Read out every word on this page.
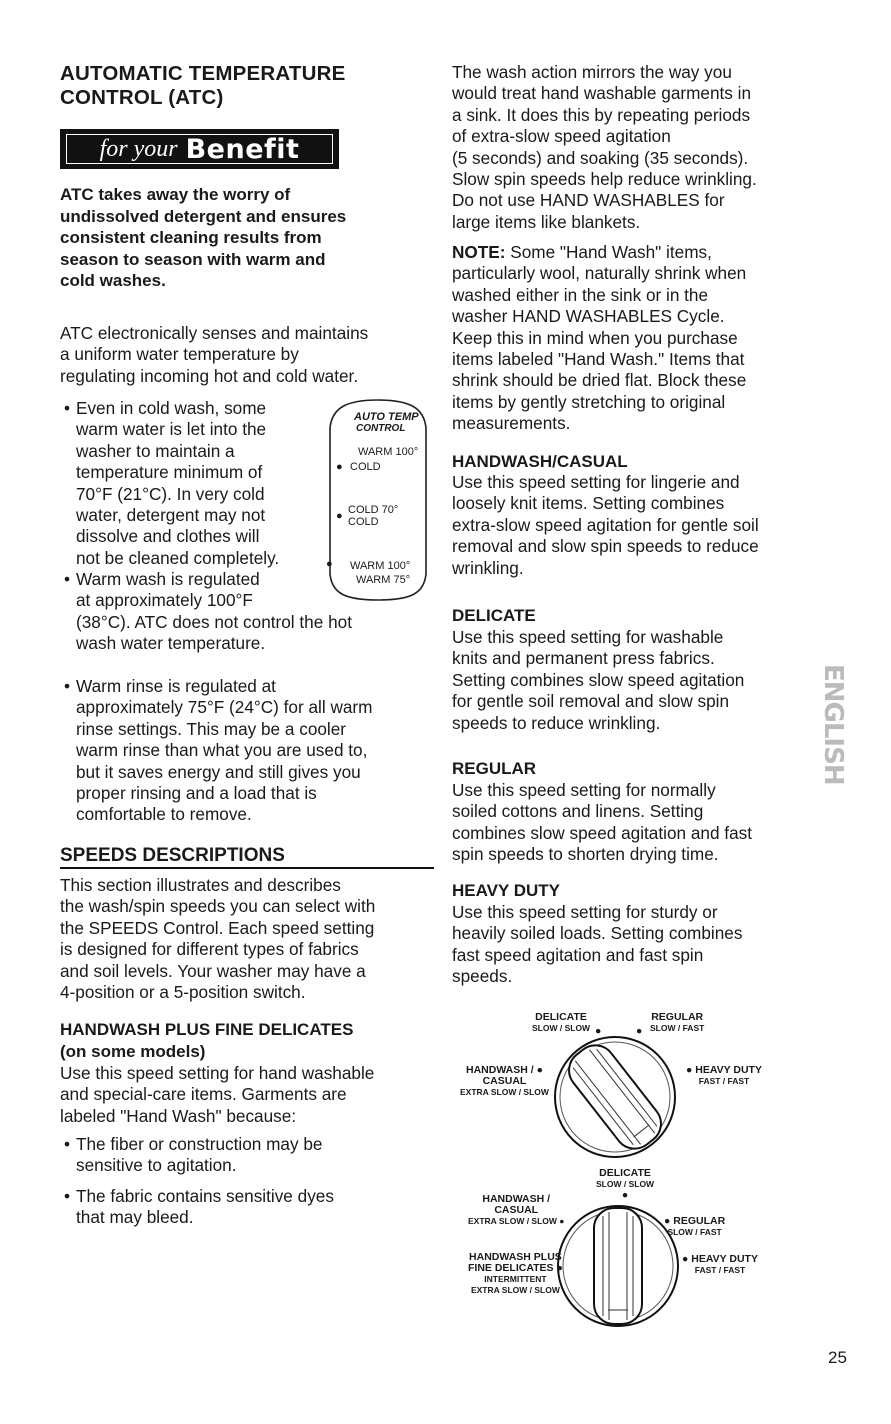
AUTOMATIC TEMPERATURE
CONTROL (ATC)
for your Benefit
ATC takes away the worry of
undissolved detergent and ensures
consistent cleaning results from
season to season with warm and
cold washes.
ATC electronically senses and maintains
a uniform water temperature by
regulating incoming hot and cold water.
• Even in cold wash, some
warm water is let into the
washer to maintain a
temperature minimum of
70°F (21°C). In very cold
water, detergent may not
dissolve and clothes will
not be cleaned completely.
• Warm wash is regulated
at approximately 100°F
(38°C). ATC does not control the hot
wash water temperature.
• Warm rinse is regulated at
approximately 75°F (24°C) for all warm
rinse settings. This may be a cooler
warm rinse than what you are used to,
but it saves energy and still gives you
proper rinsing and a load that is
comfortable to remove.
AUTO TEMP
CONTROL
WARM 100°
● COLD
● COLD 70°
COLD
● WARM 100°
WARM 75°
SPEEDS DESCRIPTIONS
This section illustrates and describes
the wash/spin speeds you can select with
the SPEEDS Control. Each speed setting
is designed for different types of fabrics
and soil levels. Your washer may have a
4-position or a 5-position switch.
HANDWASH PLUS FINE DELICATES
(on some models)
Use this speed setting for hand washable
and special-care items. Garments are
labeled "Hand Wash" because:
• The fiber or construction may be
sensitive to agitation.
• The fabric contains sensitive dyes
that may bleed.
The wash action mirrors the way you
would treat hand washable garments in
a sink. It does this by repeating periods
of extra-slow speed agitation
(5 seconds) and soaking (35 seconds).
Slow spin speeds help reduce wrinkling.
Do not use HAND WASHABLES for
large items like blankets.
NOTE: Some "Hand Wash" items,
particularly wool, naturally shrink when
washed either in the sink or in the
washer HAND WASHABLES Cycle.
Keep this in mind when you purchase
items labeled "Hand Wash." Items that
shrink should be dried flat. Block these
items by gently stretching to original
measurements.
HANDWASH/CASUAL
Use this speed setting for lingerie and
loosely knit items. Setting combines
extra-slow speed agitation for gentle soil
removal and slow spin speeds to reduce
wrinkling.
DELICATE
Use this speed setting for washable
knits and permanent press fabrics.
Setting combines slow speed agitation
for gentle soil removal and slow spin
speeds to reduce wrinkling.
REGULAR
Use this speed setting for normally
soiled cottons and linens. Setting
combines slow speed agitation and fast
spin speeds to shorten drying time.
HEAVY DUTY
Use this speed setting for sturdy or
heavily soiled loads. Setting combines
fast speed agitation and fast spin
speeds.
DELICATE
SLOW / SLOW ●
REGULAR
SLOW / FAST
●
HANDWASH / ●
CASUAL
EXTRA SLOW / SLOW
● HEAVY DUTY
FAST / FAST
DELICATE
SLOW / SLOW
●
HANDWASH /
CASUAL
EXTRA SLOW / SLOW ●	● REGULAR
SLOW / FAST
HANDWASH PLUS
FINE DELICATES ●
INTERMITTENT
EXTRA SLOW / SLOW
● HEAVY DUTY
FAST / FAST
ENGLISH
25
